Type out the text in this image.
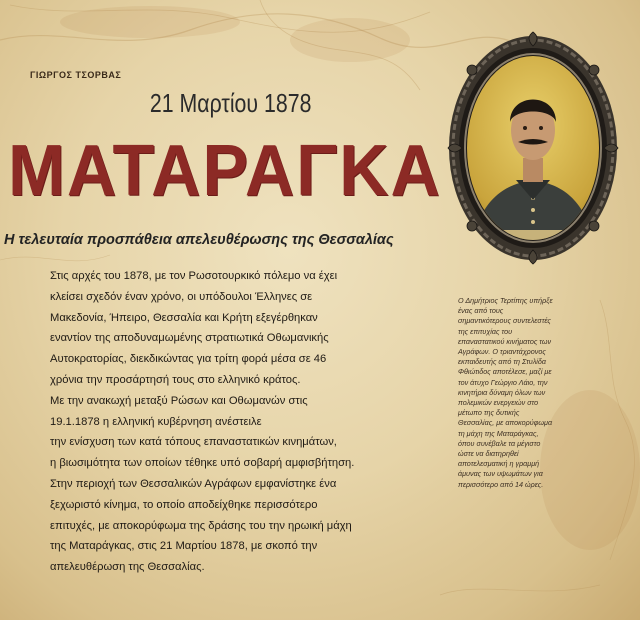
ΓΙΩΡΓΟΣ ΤΣΟΡΒΑΣ
21 Μαρτίου 1878
ΜΑΤΑΡΑΓΚΑ
Η τελευταία προσπάθεια απελευθέρωσης της Θεσσαλίας
Στις αρχές του 1878, με τον Ρωσοτουρκικό πόλεμο να έχει
κλείσει σχεδόν έναν χρόνο, οι υπόδουλοι Έλληνες σε
Μακεδονία, Ήπειρο, Θεσσαλία και Κρήτη εξεγέρθηκαν
εναντίον της αποδυναμωμένης στρατιωτικά Οθωμανικής
Αυτοκρατορίας, διεκδικώντας για τρίτη φορά μέσα σε 46
χρόνια την προσάρτησή τους στο ελληνικό κράτος.
Με την ανακωχή μεταξύ Ρώσων και Οθωμανών στις
19.1.1878 η ελληνική κυβέρνηση ανέστειλε
την ενίσχυση των κατά τόπους επαναστατικών κινημάτων,
η βιωσιμότητα των οποίων τέθηκε υπό σοβαρή αμφισβήτηση.
Στην περιοχή των Θεσσαλικών Αγράφων εμφανίστηκε ένα
ξεχωριστό κίνημα, το οποίο αποδείχθηκε περισσότερο
επιτυχές, με αποκορύφωμα της δράσης του την ηρωική μάχη
της Ματαράγκας, στις 21 Μαρτίου 1878, με σκοπό την
απελευθέρωση της Θεσσαλίας.
Ο Δημήτριος Τερτίπης υπήρξε
ένας από τους
σημαντικότερους συντελεστές
της επιτυχίας του
επαναστατικού κινήματος των
Αγράφων. Ο τριαντάχρονος
εκπαιδευτής από τη Στυλίδα
Φθιώτιδος αποτέλεσε, μαζί με
τον άτυχο Γεώργιο Λάιο, την
κινητήρια δύναμη όλων των
πολεμικών ενεργειών στο
μέτωπο της δυτικής
Θεσσαλίας, με αποκορύφωμα
τη μάχη της Ματαράγκας,
όπου συνέβαλε τα μέγιστο
ώστε να διατηρηθεί
αποτελεσματική η γραμμή
άμυνας των υψωμάτων για
περισσότερο από 14 ώρες.
